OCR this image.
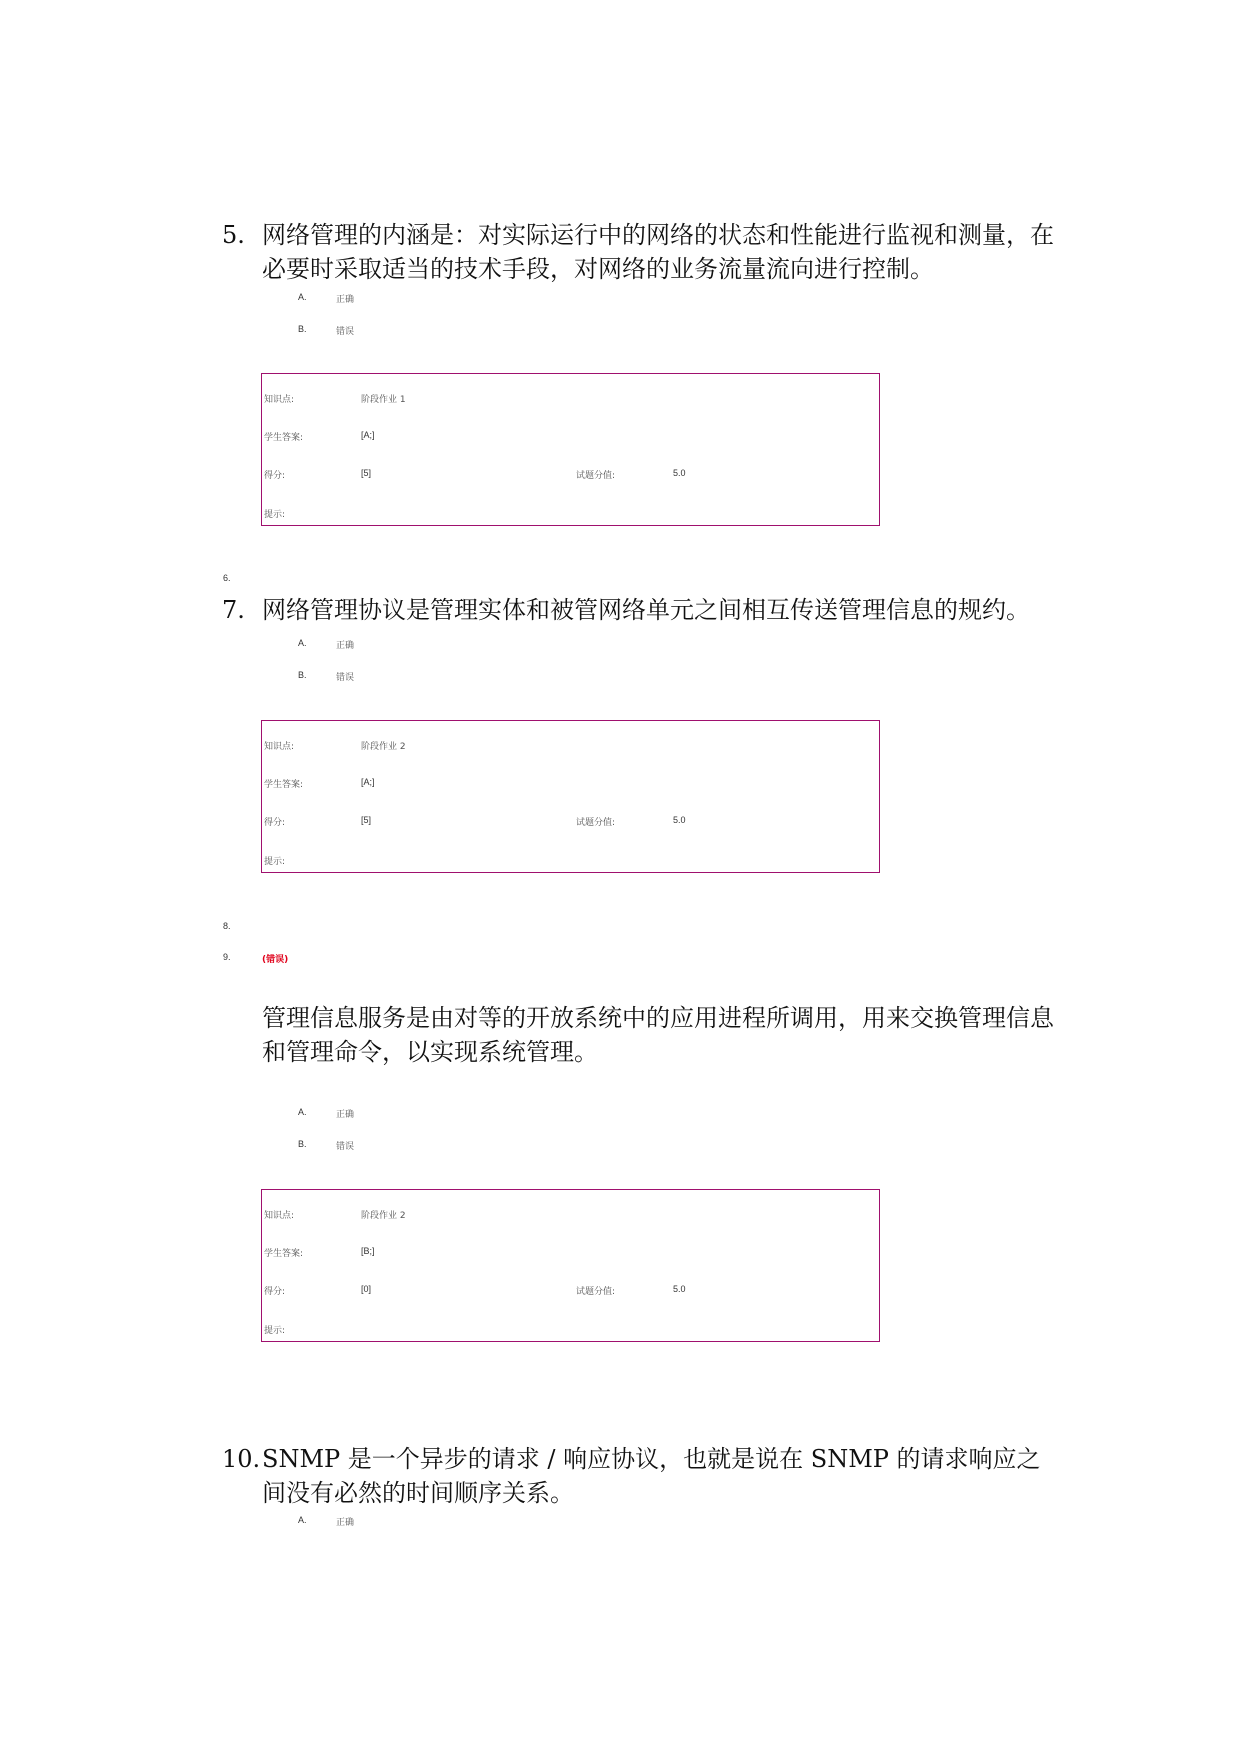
5. 网络管理的内涵是：对实际运行中的网络的状态和性能进行监视和测量，在必要时采取适当的技术手段，对网络的业务流量流向进行控制。
A.	正确
B.	错误
知识点:	阶段作业 1
学生答案:	[A;]
得分:	[5]	试题分值:	5.0
提示:
6.
7. 网络管理协议是管理实体和被管网络单元之间相互传送管理信息的规约。
A.	正确
B.	错误
知识点:	阶段作业 2
学生答案:	[A;]
得分:	[5]	试题分值:	5.0
提示:
8.
9.	(错误)
管理信息服务是由对等的开放系统中的应用进程所调用，用来交换管理信息和管理命令，以实现系统管理。
A.	正确
B.	错误
知识点:	阶段作业 2
学生答案:	[B;]
得分:	[0]	试题分值:	5.0
提示:
10. SNMP 是一个异步的请求 / 响应协议，也就是说在 SNMP 的请求响应之间没有必然的时间顺序关系。
A.	正确
